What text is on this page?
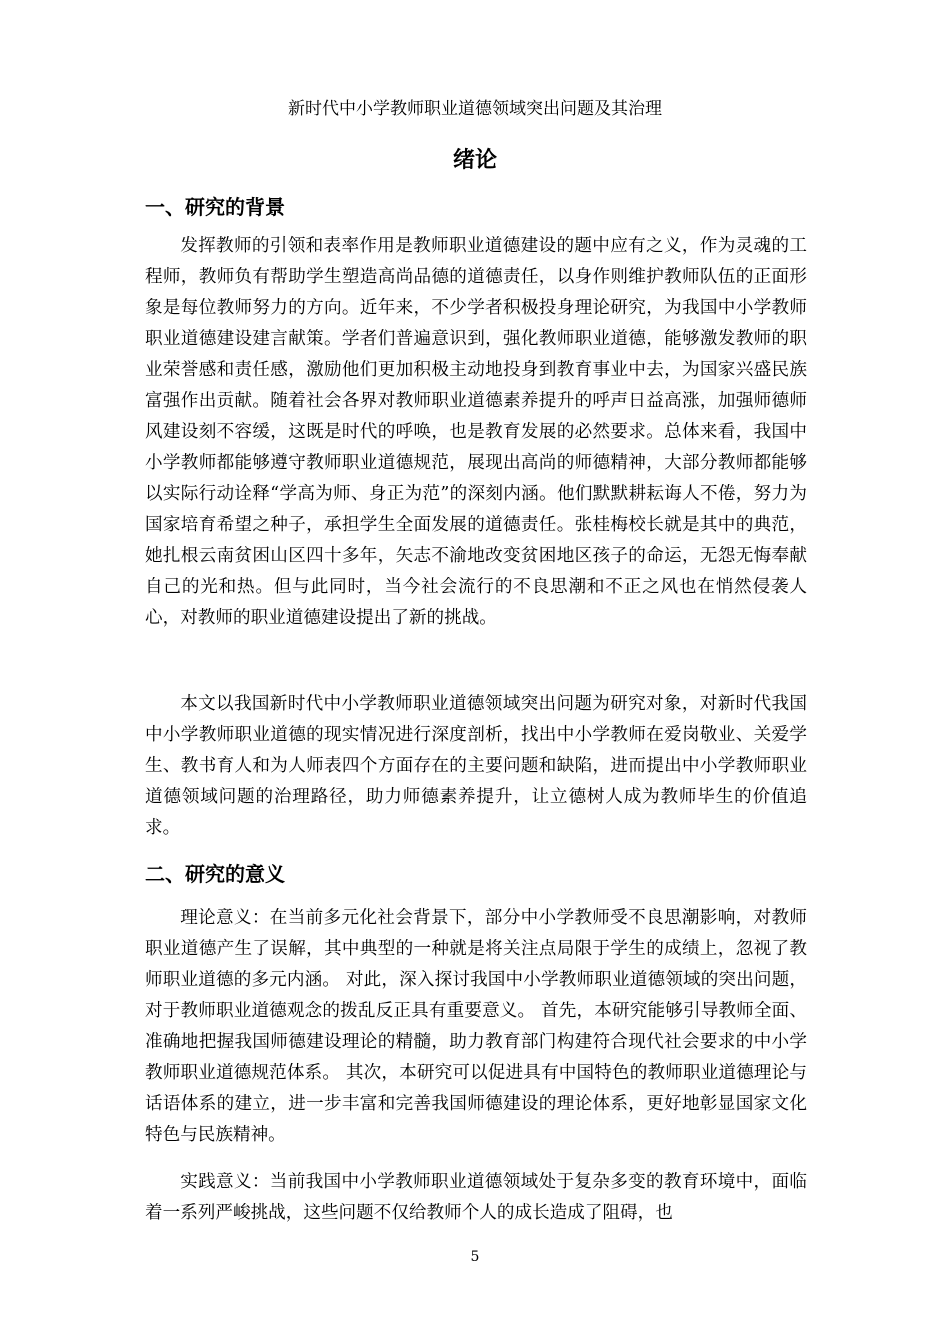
新时代中小学教师职业道德领域突出问题及其治理
绪论
一、研究的背景

发挥教师的引领和表率作用是教师职业道德建设的题中应有之义，作为灵魂的工程师，教师负有帮助学生塑造高尚品德的道德责任，以身作则维护教师队伍的正面形象是每位教师努力的方向。近年来，不少学者积极投身理论研究，为我国中小学教师职业道德建设建言献策。学者们普遍意识到，强化教师职业道德，能够激发教师的职业荣誉感和责任感，激励他们更加积极主动地投身到教育事业中去，为国家兴盛民族富强作出贡献。随着社会各界对教师职业道德素养提升的呼声日益高涨，加强师德师风建设刻不容缓，这既是时代的呼唤，也是教育发展的必然要求。总体来看，我国中小学教师都能够遵守教师职业道德规范，展现出高尚的师德精神，大部分教师都能够以实际行动诠释“学高为师、身正为范”的深刻内涵。他们默默耕耘诲人不倦，努力为国家培育希望之种子，承担学生全面发展的道德责任。张桂梅校长就是其中的典范，她扎根云南贫困山区四十多年，矢志不渝地改变贫困地区孩子的命运，无怨无悔奉献自己的光和热。但与此同时，当今社会流行的不良思潮和不正之风也在悄然侵袭人心，对教师的职业道德建设提出了新的挑战。

本文以我国新时代中小学教师职业道德领域突出问题为研究对象，对新时代我国中小学教师职业道德的现实情况进行深度剖析，找出中小学教师在爱岗敬业、关爱学生、教书育人和为人师表四个方面存在的主要问题和缺陷，进而提出中小学教师职业道德领域问题的治理路径，助力师德素养提升，让立德树人成为教师毕生的价值追求。

二、研究的意义

理论意义：在当前多元化社会背景下，部分中小学教师受不良思潮影响，对教师职业道德产生了误解，其中典型的一种就是将关注点局限于学生的成绩上，忽视了教师职业道德的多元内涵。 对此，深入探讨我国中小学教师职业道德领域的突出问题，对于教师职业道德观念的拨乱反正具有重要意义。 首先，本研究能够引导教师全面、准确地把握我国师德建设理论的精髓，助力教育部门构建符合现代社会要求的中小学教师职业道德规范体系。 其次，本研究可以促进具有中国特色的教师职业道德理论与话语体系的建立，进一步丰富和完善我国师德建设的理论体系，更好地彰显国家文化特色与民族精神。

实践意义：当前我国中小学教师职业道德领域处于复杂多变的教育环境中，面临着一系列严峻挑战，这些问题不仅给教师个人的成长造成了阻碍，也

5
